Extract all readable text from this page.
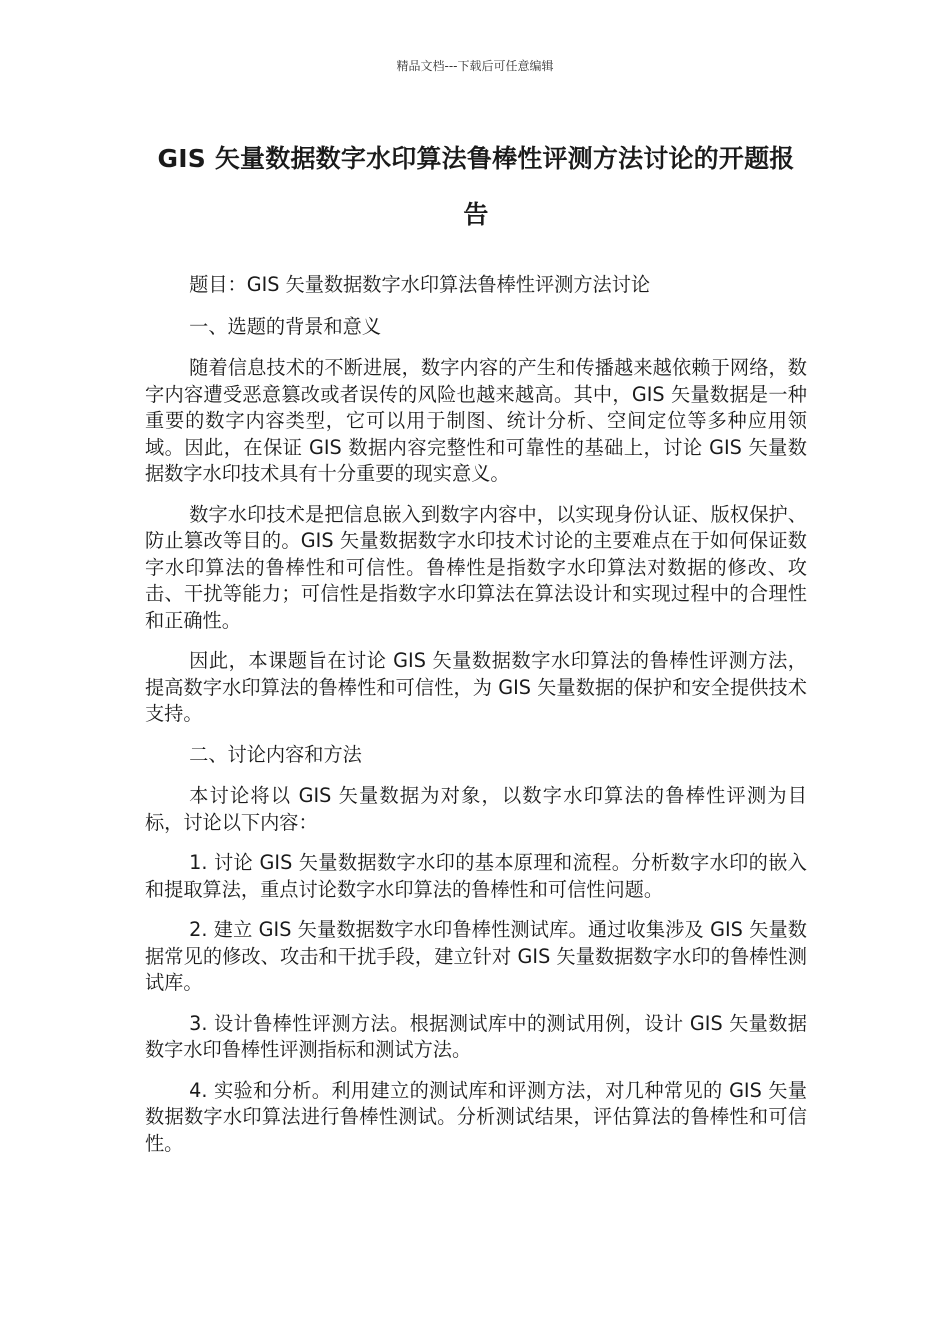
精品文档---下载后可任意编辑
GIS 矢量数据数字水印算法鲁棒性评测方法讨论的开题报告

题目：GIS 矢量数据数字水印算法鲁棒性评测方法讨论

一、选题的背景和意义

随着信息技术的不断进展，数字内容的产生和传播越来越依赖于网络，数字内容遭受恶意篡改或者误传的风险也越来越高。其中，GIS 矢量数据是一种重要的数字内容类型，它可以用于制图、统计分析、空间定位等多种应用领域。因此，在保证 GIS 数据内容完整性和可靠性的基础上，讨论 GIS 矢量数据数字水印技术具有十分重要的现实意义。

数字水印技术是把信息嵌入到数字内容中，以实现身份认证、版权保护、防止篡改等目的。GIS 矢量数据数字水印技术讨论的主要难点在于如何保证数字水印算法的鲁棒性和可信性。鲁棒性是指数字水印算法对数据的修改、攻击、干扰等能力；可信性是指数字水印算法在算法设计和实现过程中的合理性和正确性。

因此，本课题旨在讨论 GIS 矢量数据数字水印算法的鲁棒性评测方法，提高数字水印算法的鲁棒性和可信性，为 GIS 矢量数据的保护和安全提供技术支持。

二、讨论内容和方法

本讨论将以 GIS 矢量数据为对象，以数字水印算法的鲁棒性评测为目标，讨论以下内容：

1. 讨论 GIS 矢量数据数字水印的基本原理和流程。分析数字水印的嵌入和提取算法，重点讨论数字水印算法的鲁棒性和可信性问题。

2. 建立 GIS 矢量数据数字水印鲁棒性测试库。通过收集涉及 GIS 矢量数据常见的修改、攻击和干扰手段，建立针对 GIS 矢量数据数字水印的鲁棒性测试库。

3. 设计鲁棒性评测方法。根据测试库中的测试用例，设计 GIS 矢量数据数字水印鲁棒性评测指标和测试方法。

4. 实验和分析。利用建立的测试库和评测方法，对几种常见的 GIS 矢量数据数字水印算法进行鲁棒性测试。分析测试结果，评估算法的鲁棒性和可信性。
